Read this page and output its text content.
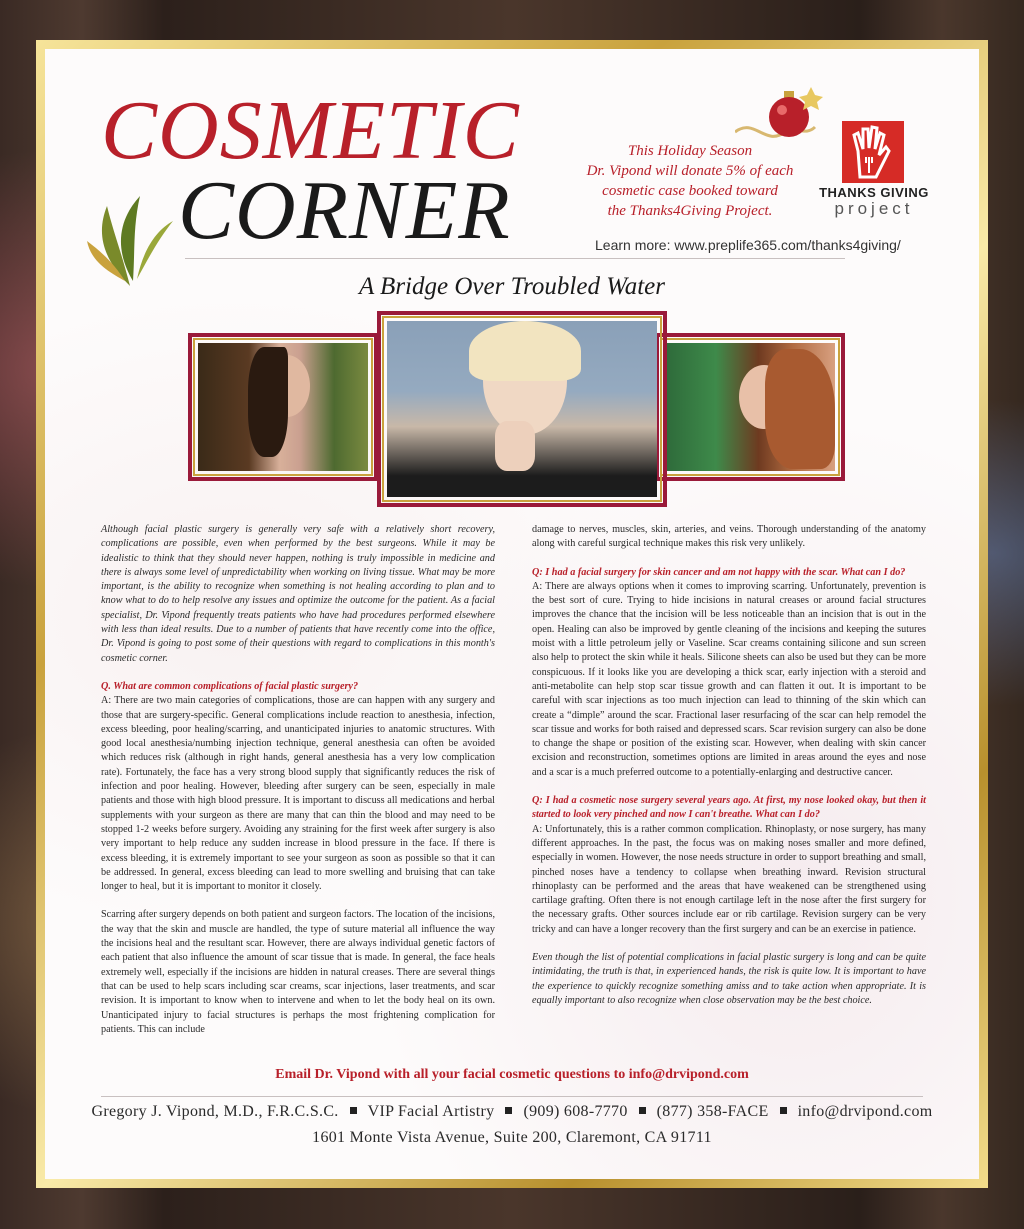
COSMETIC
CORNER
This Holiday Season
Dr. Vipond will donate 5% of each
cosmetic case booked toward
the Thanks4Giving Project.
THANKS GIVING
project
Learn more: www.preplife365.com/thanks4giving/
A Bridge Over Troubled Water

Although facial plastic surgery is generally very safe with a relatively short recovery, complications are possible, even when performed by the best surgeons. While it may be idealistic to think that they should never happen, nothing is truly impossible in medicine and there is always some level of unpredictability when working on living tissue. What may be more important, is the ability to recognize when something is not healing according to plan and to know what to do to help resolve any issues and optimize the outcome for the patient. As a facial specialist, Dr. Vipond frequently treats patients who have had procedures performed elsewhere with less than ideal results. Due to a number of patients that have recently come into the office, Dr. Vipond is going to post some of their questions with regard to complications in this month's cosmetic corner.

Q. What are common complications of facial plastic surgery?

A: There are two main categories of complications, those are can happen with any surgery and those that are surgery-specific. General complications include reaction to anesthesia, infection, excess bleeding, poor healing/scarring, and unanticipated injuries to anatomic structures. With good local anesthesia/numbing injection technique, general anesthesia can often be avoided which reduces risk (although in right hands, general anesthesia has a very low complication rate). Fortunately, the face has a very strong blood supply that significantly reduces the risk of infection and poor healing. However, bleeding after surgery can be seen, especially in male patients and those with high blood pressure. It is important to discuss all medications and herbal supplements with your surgeon as there are many that can thin the blood and may need to be stopped 1-2 weeks before surgery. Avoiding any straining for the first week after surgery is also very important to help reduce any sudden increase in blood pressure in the face. If there is excess bleeding, it is extremely important to see your surgeon as soon as possible so that it can be addressed. In general, excess bleeding can lead to more swelling and bruising that can take longer to heal, but it is important to monitor it closely.

Scarring after surgery depends on both patient and surgeon factors. The location of the incisions, the way that the skin and muscle are handled, the type of suture material all influence the way the incisions heal and the resultant scar. However, there are always individual genetic factors of each patient that also influence the amount of scar tissue that is made. In general, the face heals extremely well, especially if the incisions are hidden in natural creases. There are several things that can be used to help scars including scar creams, scar injections, laser treatments, and scar revision. It is important to know when to intervene and when to let the body heal on its own. Unanticipated injury to facial structures is perhaps the most frightening complication for patients. This can include

damage to nerves, muscles, skin, arteries, and veins. Thorough understanding of the anatomy along with careful surgical technique makes this risk very unlikely.

Q: I had a facial surgery for skin cancer and am not happy with the scar. What can I do?

A: There are always options when it comes to improving scarring. Unfortunately, prevention is the best sort of cure. Trying to hide incisions in natural creases or around facial structures improves the chance that the incision will be less noticeable than an incision that is out in the open. Healing can also be improved by gentle cleaning of the incisions and keeping the sutures moist with a little petroleum jelly or Vaseline. Scar creams containing silicone and sun screen also help to protect the skin while it heals. Silicone sheets can also be used but they can be more conspicuous. If it looks like you are developing a thick scar, early injection with a steroid and anti-metabolite can help stop scar tissue growth and can flatten it out. It is important to be careful with scar injections as too much injection can lead to thinning of the skin which can create a “dimple” around the scar. Fractional laser resurfacing of the scar can help remodel the scar tissue and works for both raised and depressed scars. Scar revision surgery can also be done to change the shape or position of the existing scar. However, when dealing with skin cancer excision and reconstruction, sometimes options are limited in areas around the eyes and nose and a scar is a much preferred outcome to a potentially-enlarging and destructive cancer.

Q: I had a cosmetic nose surgery several years ago. At first, my nose looked okay, but then it started to look very pinched and now I can't breathe. What can I do?

A: Unfortunately, this is a rather common complication. Rhinoplasty, or nose surgery, has many different approaches. In the past, the focus was on making noses smaller and more defined, especially in women. However, the nose needs structure in order to support breathing and small, pinched noses have a tendency to collapse when breathing inward. Revision structural rhinoplasty can be performed and the areas that have weakened can be strengthened using cartilage grafting. Often there is not enough cartilage left in the nose after the first surgery for the necessary grafts. Other sources include ear or rib cartilage. Revision surgery can be very tricky and can have a longer recovery than the first surgery and can be an exercise in patience.

Even though the list of potential complications in facial plastic surgery is long and can be quite intimidating, the truth is that, in experienced hands, the risk is quite low. It is important to have the experience to quickly recognize something amiss and to take action when appropriate. It is equally important to also recognize when close observation may be the best choice.

Email Dr. Vipond with all your facial cosmetic questions to info@drvipond.com
Gregory J. Vipond, M.D., F.R.C.S.C. VIP Facial Artistry (909) 608-7770 (877) 358-FACE info@drvipond.com
1601 Monte Vista Avenue, Suite 200, Claremont, CA 91711
